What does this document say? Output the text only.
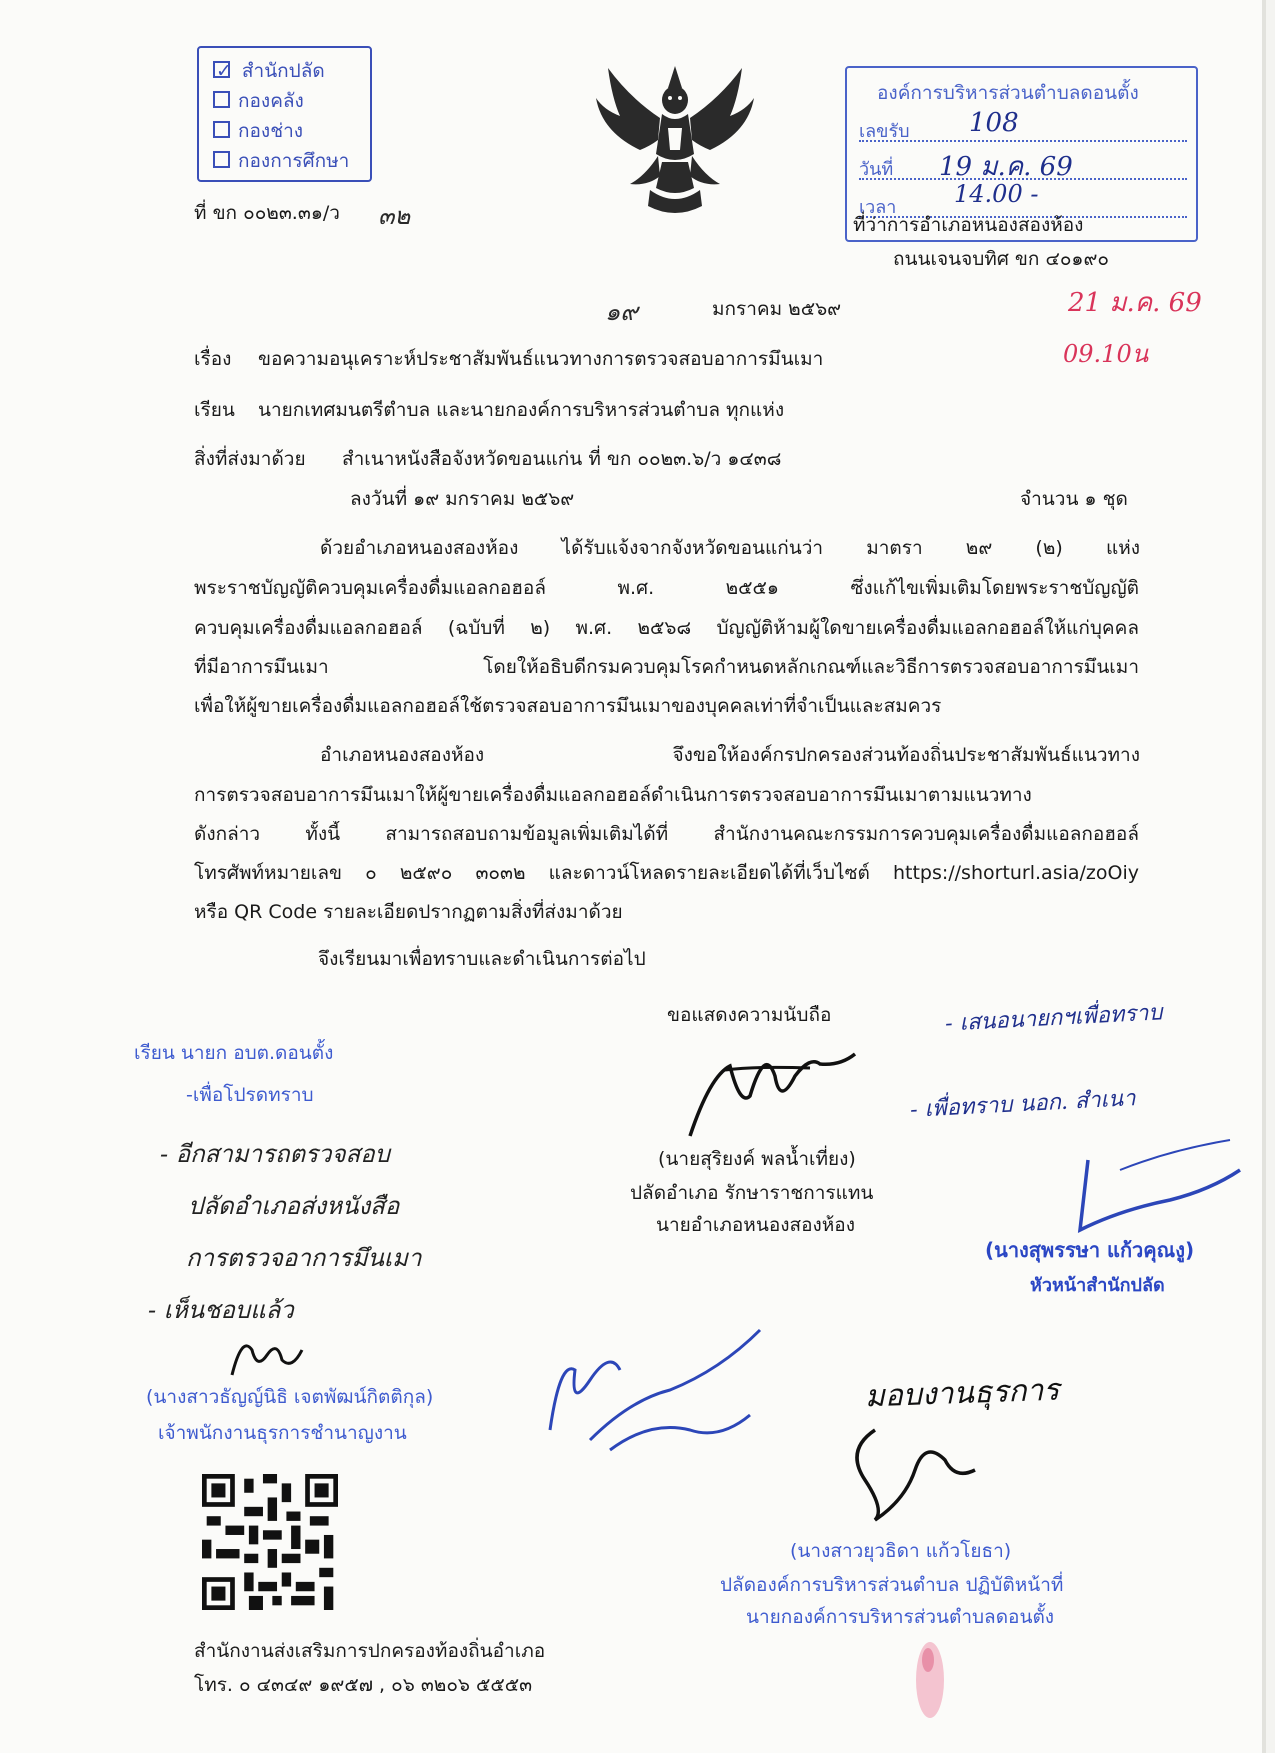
✓ สำนักปลัด
กองคลัง
กองช่าง
กองการศึกษา
องค์การบริหารส่วนตำบลดอนตั้ง
เลขรับ 108
วันที่ 19 ม.ค. 69
เวลา 14.00 -
ที่ ขก ๐๐๒๓.๓๑/ว ๓๒	ที่ว่าการอำเภอหนองสองห้อง
ถนนเจนจบทิศ ขก ๔๐๑๙๐
๑๙	มกราคม ๒๕๖๙	21 ม.ค. 69
09.10น
เรื่อง ขอความอนุเคราะห์ประชาสัมพันธ์แนวทางการตรวจสอบอาการมึนเมา
เรียน นายกเทศมนตรีตำบล และนายกองค์การบริหารส่วนตำบล ทุกแห่ง
สิ่งที่ส่งมาด้วย สำเนาหนังสือจังหวัดขอนแก่น ที่ ขก ๐๐๒๓.๖/ว ๑๔๓๘
ลงวันที่ ๑๙ มกราคม ๒๕๖๙	จำนวน ๑ ชุด
ด้วยอำเภอหนองสองห้อง ได้รับแจ้งจากจังหวัดขอนแก่นว่า มาตรา ๒๙ (๒) แห่ง
พระราชบัญญัติควบคุมเครื่องดื่มแอลกอฮอล์ พ.ศ. ๒๕๕๑ ซึ่งแก้ไขเพิ่มเติมโดยพระราชบัญญัติ
ควบคุมเครื่องดื่มแอลกอฮอล์ (ฉบับที่ ๒) พ.ศ. ๒๕๖๘ บัญญัติห้ามผู้ใดขายเครื่องดื่มแอลกอฮอล์ให้แก่บุคคล
ที่มีอาการมึนเมา โดยให้อธิบดีกรมควบคุมโรคกำหนดหลักเกณฑ์และวิธีการตรวจสอบอาการมึนเมา
เพื่อให้ผู้ขายเครื่องดื่มแอลกอฮอล์ใช้ตรวจสอบอาการมึนเมาของบุคคลเท่าที่จำเป็นและสมควร
อำเภอหนองสองห้อง จึงขอให้องค์กรปกครองส่วนท้องถิ่นประชาสัมพันธ์แนวทาง
การตรวจสอบอาการมึนเมาให้ผู้ขายเครื่องดื่มแอลกอฮอล์ดำเนินการตรวจสอบอาการมึนเมาตามแนวทาง
ดังกล่าว ทั้งนี้ สามารถสอบถามข้อมูลเพิ่มเติมได้ที่ สำนักงานคณะกรรมการควบคุมเครื่องดื่มแอลกอฮอล์
โทรศัพท์หมายเลข ๐ ๒๕๙๐ ๓๐๓๒ และดาวน์โหลดรายละเอียดได้ที่เว็บไซต์ https://shorturl.asia/zoOiy
หรือ QR Code รายละเอียดปรากฏตามสิ่งที่ส่งมาด้วย
จึงเรียนมาเพื่อทราบและดำเนินการต่อไป
ขอแสดงความนับถือ
(นายสุริยงค์ พลน้ำเที่ยง)
ปลัดอำเภอ รักษาราชการแทน
นายอำเภอหนองสองห้อง
เรียน นายก อบต.ดอนตั้ง
-เพื่อโปรดทราบ
- อีกสามารถตรวจสอบ
ปลัดอำเภอส่งหนังสือ
การตรวจอาการมึนเมา
- เห็นชอบแล้ว
(นางสาวธัญญ์นิธิ เจตพัฒน์กิตติกุล)
เจ้าพนักงานธุรการชำนาญงาน
สำนักงานส่งเสริมการปกครองท้องถิ่นอำเภอ
โทร. ๐ ๔๓๔๙ ๑๙๕๗ , ๐๖ ๓๒๐๖ ๕๕๕๓
- เสนอนายกฯเพื่อทราบ
- เพื่อทราบ นอก. สำเนา
(นางสุพรรษา แก้วคุณงู)
หัวหน้าสำนักปลัด
มอบงานธุรการ
(นางสาวยุวธิดา แก้วโยธา)
ปลัดองค์การบริหารส่วนตำบล ปฏิบัติหน้าที่
นายกองค์การบริหารส่วนตำบลดอนตั้ง
